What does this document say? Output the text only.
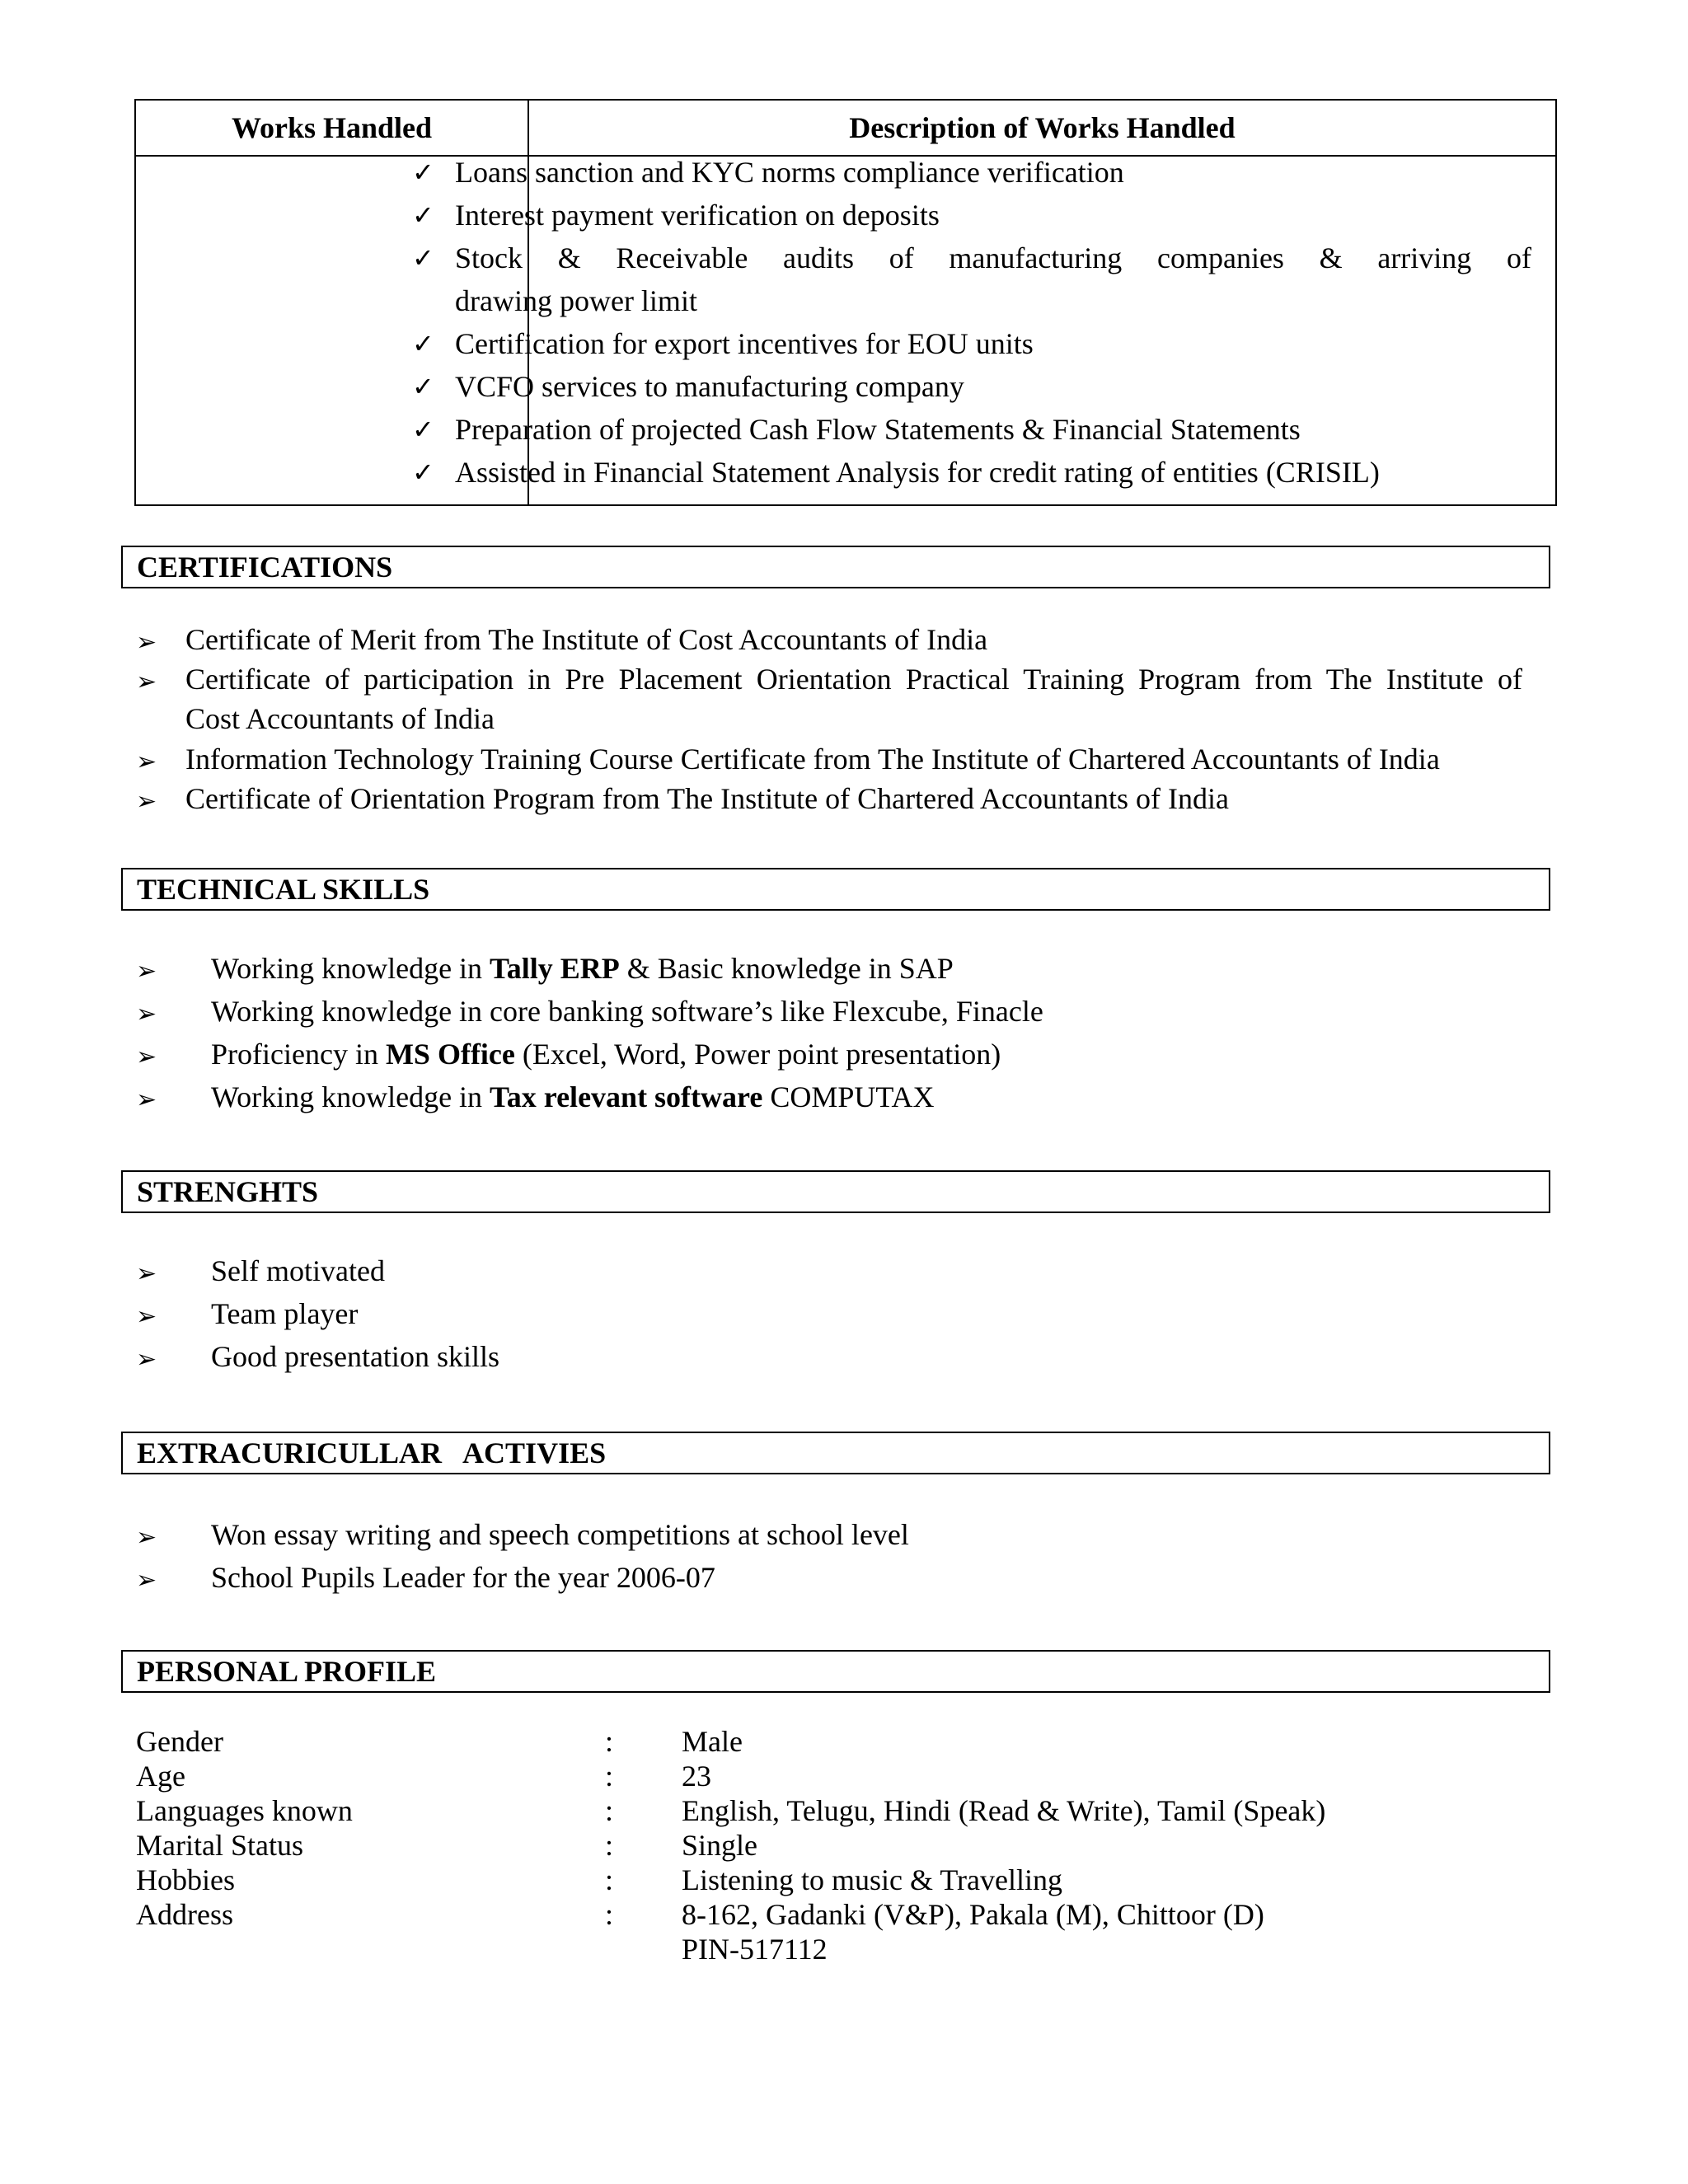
Works Handled	Description of Works Handled
✓ Loans sanction and KYC norms compliance verification
✓ Interest payment verification on deposits
✓ Stock & Receivable audits of manufacturing companies & arriving of
drawing power limit
✓ Certification for export incentives for EOU units
✓ VCFO services to manufacturing company
✓ Preparation of projected Cash Flow Statements & Financial Statements
✓ Assisted in Financial Statement Analysis for credit rating of entities (CRISIL)
CERTIFICATIONS
➢ Certificate of Merit from The Institute of Cost Accountants of India
➢ Certificate of participation in Pre Placement Orientation Practical Training Program from The Institute of
Cost Accountants of India
➢ Information Technology Training Course Certificate from The Institute of Chartered Accountants of India
➢ Certificate of Orientation Program from The Institute of Chartered Accountants of India
TECHNICAL SKILLS
➢ Working knowledge in Tally ERP & Basic knowledge in SAP
➢ Working knowledge in core banking software’s like Flexcube, Finacle
➢ Proficiency in MS Office (Excel, Word, Power point presentation)
➢ Working knowledge in Tax relevant software COMPUTAX
STRENGHTS
➢ Self motivated
➢ Team player
➢ Good presentation skills
EXTRACURICULLAR   ACTIVIES
➢ Won essay writing and speech competitions at school level
➢ School Pupils Leader for the year 2006-07
PERSONAL PROFILE
Gender	: Male
Age	: 23
Languages known	: English, Telugu, Hindi (Read & Write), Tamil (Speak)
Marital Status	: Single
Hobbies	: Listening to music & Travelling
Address	: 8-162, Gadanki (V&P), Pakala (M), Chittoor (D)
PIN-517112
